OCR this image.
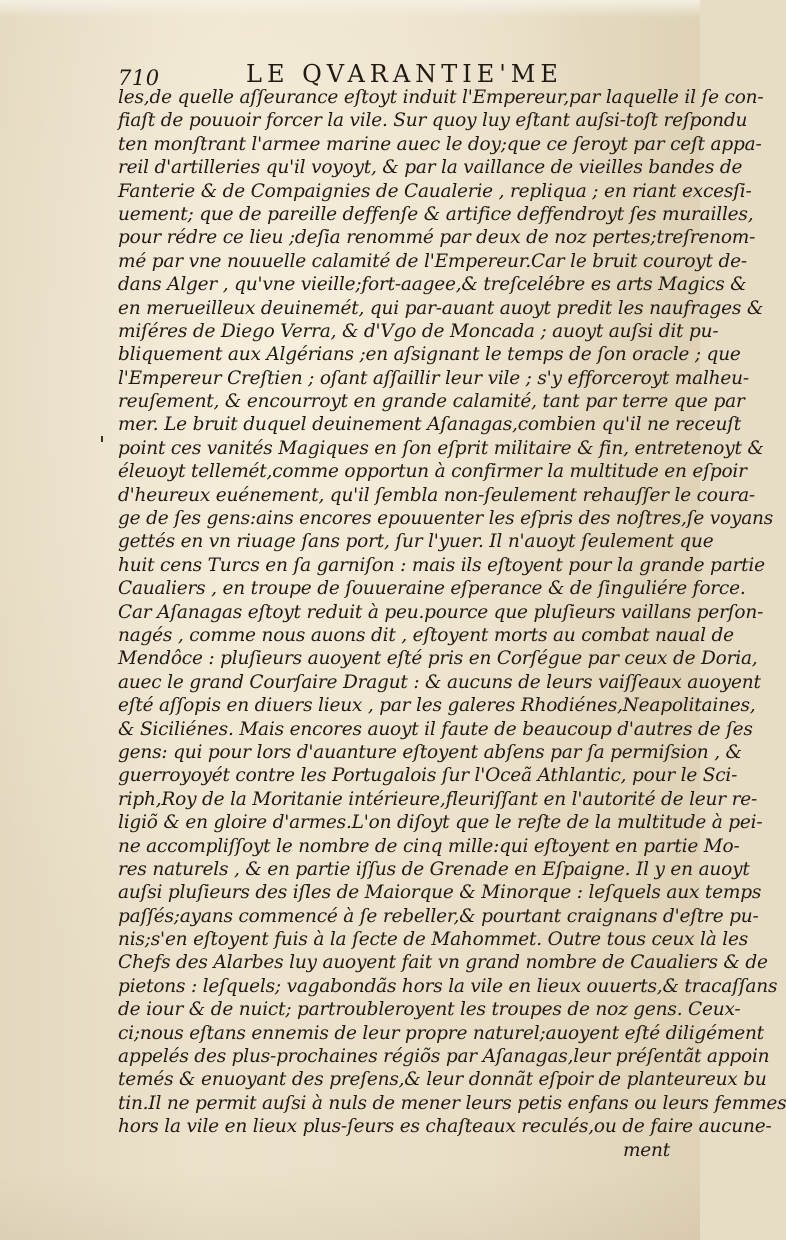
710	LE QVARANTIE'ME
les,de quelle aſſeurance eſtoyt induit l'Empereur,par laquelle il ſe con-
fiaſt de pouuoir forcer la vile. Sur quoy luy eſtant auſsi-toſt reſpondu
ten monſtrant l'armee marine auec le doy;que ce ſeroyt par ceſt appa-
reil d'artilleries qu'il voyoyt, & par la vaillance de vieilles bandes de
Fanterie & de Compaignies de Caualerie , repliqua ; en riant excesſi-
uement; que de pareille deffenſe & artifice deffendroyt ſes murailles,
pour rédre ce lieu ;deſia renommé par deux de noz pertes;treſrenom-
mé par vne nouuelle calamité de l'Empereur.Car le bruit couroyt de-
dans Alger , qu'vne vieille;fort-aagee,& treſcelébre es arts Magics &
en merueilleux deuinemét, qui par-auant auoyt predit les naufrages &
miſéres de Diego Verra, & d'Vgo de Moncada ; auoyt auſsi dit pu-
bliquement aux Algérians ;en aſsignant le temps de ſon oracle ; que
l'Empereur Creſtien ; oſant aſſaillir leur vile ; s'y efforceroyt malheu-
reuſement, & encourroyt en grande calamité, tant par terre que par
mer. Le bruit duquel deuinement Aſanagas,combien qu'il ne receuſt
point ces vanités Magiques en ſon eſprit militaire & fin, entretenoyt &
éleuoyt tellemét,comme opportun à confirmer la multitude en eſpoir
d'heureux euénement, qu'il ſembla non-ſeulement rehauſſer le coura-
ge de ſes gens:ains encores epouuenter les eſpris des noſtres,ſe voyans
gettés en vn riuage ſans port, ſur l'yuer. Il n'auoyt ſeulement que
huit cens Turcs en ſa garniſon : mais ils eſtoyent pour la grande partie
Caualiers , en troupe de ſouueraine eſperance & de ſinguliére force.
Car Aſanagas eſtoyt reduit à peu.pource que pluſieurs vaillans perſon-
nagés , comme nous auons dit , eſtoyent morts au combat naual de
Mendôce : pluſieurs auoyent eſté pris en Corſégue par ceux de Doria,
auec le grand Courſaire Dragut : & aucuns de leurs vaiſſeaux auoyent
eſté aſſopis en diuers lieux , par les galeres Rhodiénes,Neapolitaines,
& Siciliénes. Mais encores auoyt il faute de beaucoup d'autres de ſes
gens: qui pour lors d'auanture eſtoyent abſens par ſa permiſsion , &
guerroyoyét contre les Portugalois ſur l'Oceã Athlantic, pour le Sci-
riph,Roy de la Moritanie intérieure,fleuriſſant en l'autorité de leur re-
ligiõ & en gloire d'armes.L'on diſoyt que le reſte de la multitude à pei-
ne accompliſſoyt le nombre de cinq mille:qui eſtoyent en partie Mo-
res naturels , & en partie iſſus de Grenade en Eſpaigne. Il y en auoyt
auſsi pluſieurs des iſles de Maiorque & Minorque : leſquels aux temps
paſſés;ayans commencé à ſe rebeller,& pourtant craignans d'eſtre pu-
nis;s'en eſtoyent fuis à la ſecte de Mahommet. Outre tous ceux là les
Chefs des Alarbes luy auoyent fait vn grand nombre de Caualiers & de
pietons : leſquels; vagabondãs hors la vile en lieux ouuerts,& tracaſſans
de iour & de nuict; partroubleroyent les troupes de noz gens. Ceux-
ci;nous eſtans ennemis de leur propre naturel;auoyent eſté diligément
appelés des plus-prochaines régiõs par Aſanagas,leur préſentãt appoin
temés & enuoyant des preſens,& leur donnãt eſpoir de planteureux bu
tin.Il ne permit auſsi à nuls de mener leurs petis enfans ou leurs femmes
hors la vile en lieux plus-ſeurs es chaſteaux reculés,ou de faire aucune-
ment
